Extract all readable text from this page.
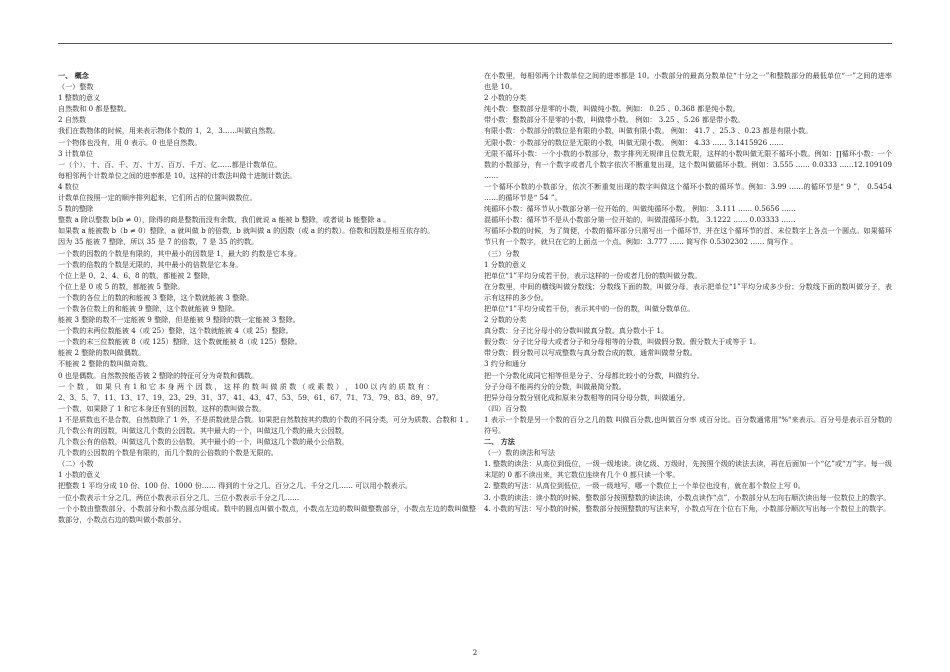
一、 概念

（一）整数

1 整数的意义

自然数和 0 都是整数。

2 自然数

我们在数物体的时候，用来表示物体个数的 1，2，3……叫做自然数。

一个物体也没有，用 0 表示。0 也是自然数。

3 计数单位

一（个）、十、百、千、万、十万、百万、千万、亿……都是计数单位。

每相邻两个计数单位之间的进率都是 10。这样的计数法叫做十进制计数法。

4 数位

计数单位按照一定的顺序排列起来，它们所占的位置叫做数位。

5 数的整除

整数 a 除以整数 b(b ≠ 0），除得的商是整数而没有余数，我们就说 a 能被 b 整除，或者说 b 能整除 a 。

如果数 a 能被数 b（b ≠ 0）整除，a 就叫做 b 的倍数，b 就叫做 a 的因数（或 a 的约数）。倍数和因数是相互依存的。

因为 35 能被 7 整除，所以 35 是 7 的倍数，7 是 35 的约数。

一个数的因数的个数是有限的，其中最小的因数是 1，最大的 约数是它本身。

一个数的倍数的个数是无限的，其中最小的倍数是它本身。

个位上是 0、2、4、6、8 的数，都能被 2 整除，

个位上是 0 或 5 的数，都能被 5 整除。

一个数的各位上的数的和能被 3 整除，这个数就能被 3 整除。

一个数各位数上的和能被 9 整除，这个数就能被 9 整除。

能被 3 整除的数不一定能被 9 整除，但是能被 9 整除的数一定能被 3 整除。

一个数的末两位数能被 4（或 25）整除，这个数就能被 4（或 25）整除。

一个数的末三位数能被 8（或 125）整除，这个数就能被 8（或 125）整除。

能被 2 整除的数叫做偶数。

不能被 2 整除的数叫做奇数。

0 也是偶数。自然数按能否被 2 整除的特征可分为奇数和偶数。

一 个 数 ， 如 果 只 有 1 和 它 本 身 两 个 因 数 ， 这 样 的 数 叫 做 质 数 （ 或 素 数 ） ， 100 以 内 的 质 数 有 ：

2、3、5、7、11、13、17、19、23、29、31、37、41、43、47、53、59、61、67、71、73、79、83、89、97。

一个数，如果除了 1 和它本身还有别的因数，这样的数叫做合数。

1 不是质数也不是合数，自然数除了 1 外，不是质数就是合数。如果把自然数按其约数的个数的不同分类，可分为质数、合数和 1 。

几个数公有的因数，叫做这几个数的公因数。其中最大的一个，叫做这几个数的最大公因数，

几个数公有的倍数，叫做这几个数的公倍数，其中最小的一个，叫做这几个数的最小公倍数，

几个数的公因数的个数是有限的，而几个数的公倍数的个数是无限的。

（二）小数

1 小数的意义

把整数 1 平均分成 10 份、100 份、1000 份…… 得到的十分之几、百分之几、千分之几…… 可以用小数表示。

一位小数表示十分之几，两位小数表示百分之几，三位小数表示千分之几……

一个小数由整数部分、小数部分和小数点部分组成。数中的圆点叫做小数点，小数点左边的数叫做整数部分，小数点左边的数叫做整数部分，小数点右边的数叫做小数部分。

在小数里，每相邻两个计数单位之间的进率都是 10。小数部分的最高分数单位“十分之一”和整数部分的最低单位“一”之间的进率也是 10。

2 小数的分类

纯小数：整数部分是零的小数，叫做纯小数。例如： 0.25 、0.368 都是纯小数。

带小数：整数部分不是零的小数，叫做带小数。 例如： 3.25 、5.26 都是带小数。

有限小数：小数部分的数位是有限的小数，叫做有限小数。 例如： 41.7 、25.3 、0.23 都是有限小数。

无限小数：小数部分的数位是无限的小数，叫做无限小数。 例如： 4.33 …… 3.1415926 ……

无限不循环小数：一个小数的小数部分，数字排列无规律且位数无限，这样的小数叫做无限不循环小数。例如：∏循环小数：一个数的小数部分，有一个数字或者几个数字依次不断重复出现，这个数叫做循环小数。例如：3.555 …… 0.0333 ……12.109109 ……

一个循环小数的小数部分，依次不断重复出现的数字叫做这个循环小数的循环节。例如：3.99 ……的循环节是“ 9 ”， 0.5454 ……的循环节是“ 54 ”。

纯循环小数：循环节从小数部分第一位开始的，叫做纯循环小数。 例如： 3.111 …… 0.5656 ……

混循环小数：循环节不是从小数部分第一位开始的，叫做混循环小数。 3.1222 …… 0.03333 ……

写循环小数的时候，为了简便，小数的循环部分只需写出一个循环节，并在这个循环节的首、末位数字上各点一个圆点。如果循环 节只有一个数字，就只在它的上面点一个点。例如：3.777 …… 简写作 0.5302302 …… 简写作 。

（三）分数

1 分数的意义

把单位“1”平均分成若干份，表示这样的一份或者几份的数叫做分数。

在分数里，中间的横线叫做分数线；分数线下面的数，叫做分母，表示把单位“1”平均分成多少份；分数线下面的数叫做分子，表示有这样的多少份。

把单位“1”平均分成若干份，表示其中的一份的数，叫做分数单位。

2 分数的分类

真分数：分子比分母小的分数叫做真分数。真分数小于 1。

假分数：分子比分母大或者分子和分母相等的分数，叫做假分数。假分数大于或等于 1。

带分数：假分数可以写成整数与真分数合成的数，通常叫做带分数。

3 约分和通分

把一个分数化成同它相等但是分子、分母都比较小的分数，叫做约分。

分子分母不能再约分的分数，叫做最简分数。

把异分母分数分别化成和原来分数相等的同分母分数，叫做通分。

（四）百分数

1 表示一个数是另一个数的百分之几的数 叫做百分数,也叫做百分率 或百分比。百分数通常用"%"来表示。百分号是表示百分数的符号。

二、 方法

（一）数的读法和写法

1. 整数的读法：从高位到低位，一级一级地读。读亿级、万级时，先按照个级的读法去读，再在后面加一个“亿”或“万”字。每一级末尾的 0 都不读出来，其它数位连续有几个 0 都只读一个零。

2. 整数的写法：从高位到低位，一级一级地写，哪一个数位上一个单位也没有，就在那个数位上写 0。

3. 小数的读法：读小数的时候，整数部分按照整数的读法读，小数点读作“点”，小数部分从左向右顺次读出每一位数位上的数字。

4. 小数的写法：写小数的时候，整数部分按照整数的写法来写，小数点写在个位右下角，小数部分顺次写出每一个数位上的数字。

2
